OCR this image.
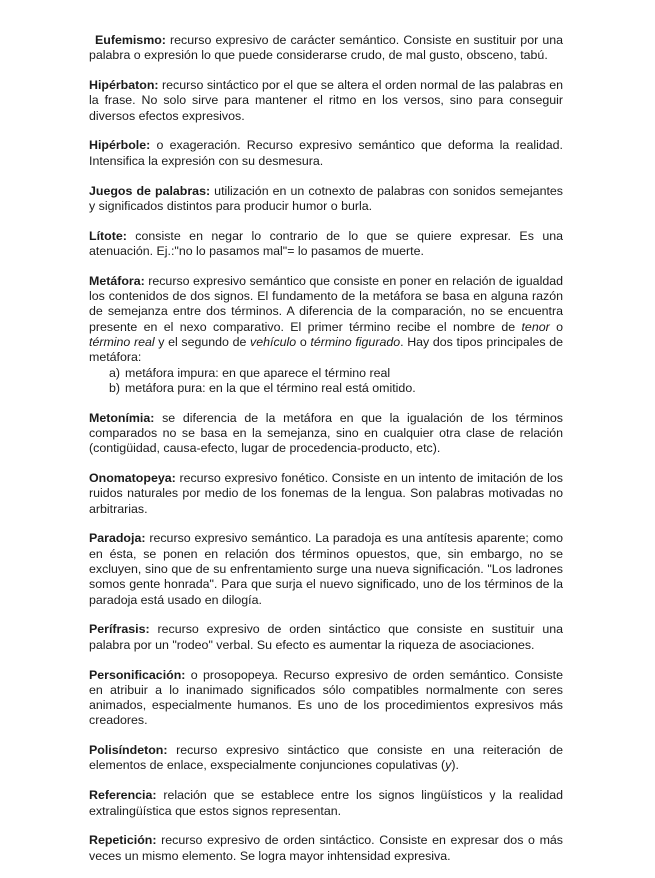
Eufemismo: recurso expresivo de carácter semántico. Consiste en sustituir por una palabra o expresión lo que puede considerarse crudo, de mal gusto, obsceno, tabú.

Hipérbaton: recurso sintáctico por el que se altera el orden normal de las palabras en la frase. No solo sirve para mantener el ritmo en los versos, sino para conseguir diversos efectos expresivos.

Hipérbole: o exageración. Recurso expresivo semántico que deforma la realidad. Intensifica la expresión con su desmesura.

Juegos de palabras: utilización en un cotnexto de palabras con sonidos semejantes y significados distintos para producir humor o burla.

Lítote: consiste en negar lo contrario de lo que se quiere expresar. Es una atenuación. Ej.:"no lo pasamos mal"= lo pasamos de muerte.

Metáfora: recurso expresivo semántico que consiste en poner en relación de igualdad los contenidos de dos signos. El fundamento de la metáfora se basa en alguna razón de semejanza entre dos términos. A diferencia de la comparación, no se encuentra presente en el nexo comparativo. El primer término recibe el nombre de tenor o término real y el segundo de vehículo o término figurado. Hay dos tipos principales de metáfora:
a) metáfora impura: en que aparece el término real
b) metáfora pura: en la que el término real está omitido.

Metonímia: se diferencia de la metáfora en que la igualación de los términos comparados no se basa en la semejanza, sino en cualquier otra clase de relación (contigüidad, causa-efecto, lugar de procedencia-producto, etc).

Onomatopeya: recurso expresivo fonético. Consiste en un intento de imitación de los ruidos naturales por medio de los fonemas de la lengua. Son palabras motivadas no arbitrarias.

Paradoja: recurso expresivo semántico. La paradoja es una antítesis aparente; como en ésta, se ponen en relación dos términos opuestos, que, sin embargo, no se excluyen, sino que de su enfrentamiento surge una nueva significación. "Los ladrones somos gente honrada". Para que surja el nuevo significado, uno de los términos de la paradoja está usado en dilogía.

Perífrasis: recurso expresivo de orden sintáctico que consiste en sustituir una palabra por un "rodeo" verbal. Su efecto es aumentar la riqueza de asociaciones.

Personificación: o prosopopeya. Recurso expresivo de orden semántico. Consiste en atribuir a lo inanimado significados sólo compatibles normalmente con seres animados, especialmente humanos. Es uno de los procedimientos expresivos más creadores.

Polisíndeton: recurso expresivo sintáctico que consiste en una reiteración de elementos de enlace, exspecialmente conjunciones copulativas (y).

Referencia: relación que se establece entre los signos lingüísticos y la realidad extralingüística que estos signos representan.

Repetición: recurso expresivo de orden sintáctico. Consiste en expresar dos o más veces un mismo elemento. Se logra mayor inhtensidad expresiva.
